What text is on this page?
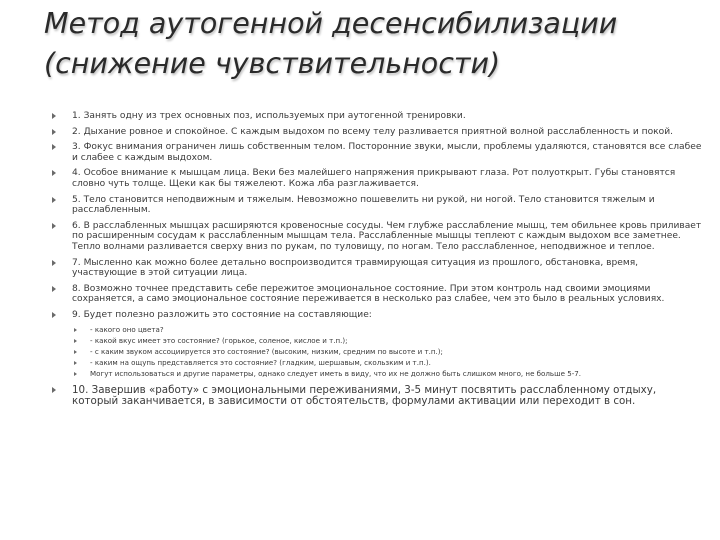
Метод аутогенной десенсибилизации
(снижение чувствительности)
1. Занять одну из трех основных поз, используемых при аутогенной тренировки.
2. Дыхание ровное и спокойное. С каждым выдохом по всему телу разливается приятной волной расслабленность и покой.
3. Фокус внимания ограничен лишь собственным телом. Посторонние звуки, мысли, проблемы удаляются, становятся все слабее и слабее с каждым выдохом.
4. Особое внимание к мышцам лица. Веки без малейшего напряжения прикрывают глаза. Рот полуоткрыт. Губы становятся словно чуть толще. Щеки как бы тяжелеют. Кожа лба разглаживается.
5. Тело становится неподвижным и тяжелым. Невозможно пошевелить ни рукой, ни ногой. Тело становится тяжелым и расслабленным.
6. В расслабленных мышцах расширяются кровеносные сосуды. Чем глубже расслабление мышц, тем обильнее кровь приливает по расширенным сосудам к расслабленным мышцам тела. Расслабленные мышцы теплеют с каждым выдохом все заметнее. Тепло волнами разливается сверху вниз по рукам, по туловищу, по ногам. Тело расслабленное, неподвижное и теплое.
7. Мысленно как можно более детально воспроизводится травмирующая ситуация из прошлого, обстановка, время, участвующие в этой ситуации лица.
8. Возможно точнее представить себе пережитое эмоциональное состояние. При этом контроль над своими эмоциями сохраняется, а само эмоциональное состояние переживается в несколько раз слабее, чем это было в реальных условиях.
9. Будет полезно разложить это состояние на составляющие:
- какого оно цвета?
- какой вкус имеет это состояние? (горькое, соленое, кислое и т.п.);
- с каким звуком ассоциируется это состояние? (высоким, низким, средним по высоте и т.п.);
- каким на ощупь представляется это состояние? (гладким, шершавым, скользким и т.п.).
Могут использоваться и другие параметры, однако следует иметь в виду, что их не должно быть слишком много, не больше 5-7.
10. Завершив «работу» с эмоциональными переживаниями, 3-5 минут посвятить расслабленному отдыху, который заканчивается, в зависимости от обстоятельств, формулами активации или переходит в сон.
